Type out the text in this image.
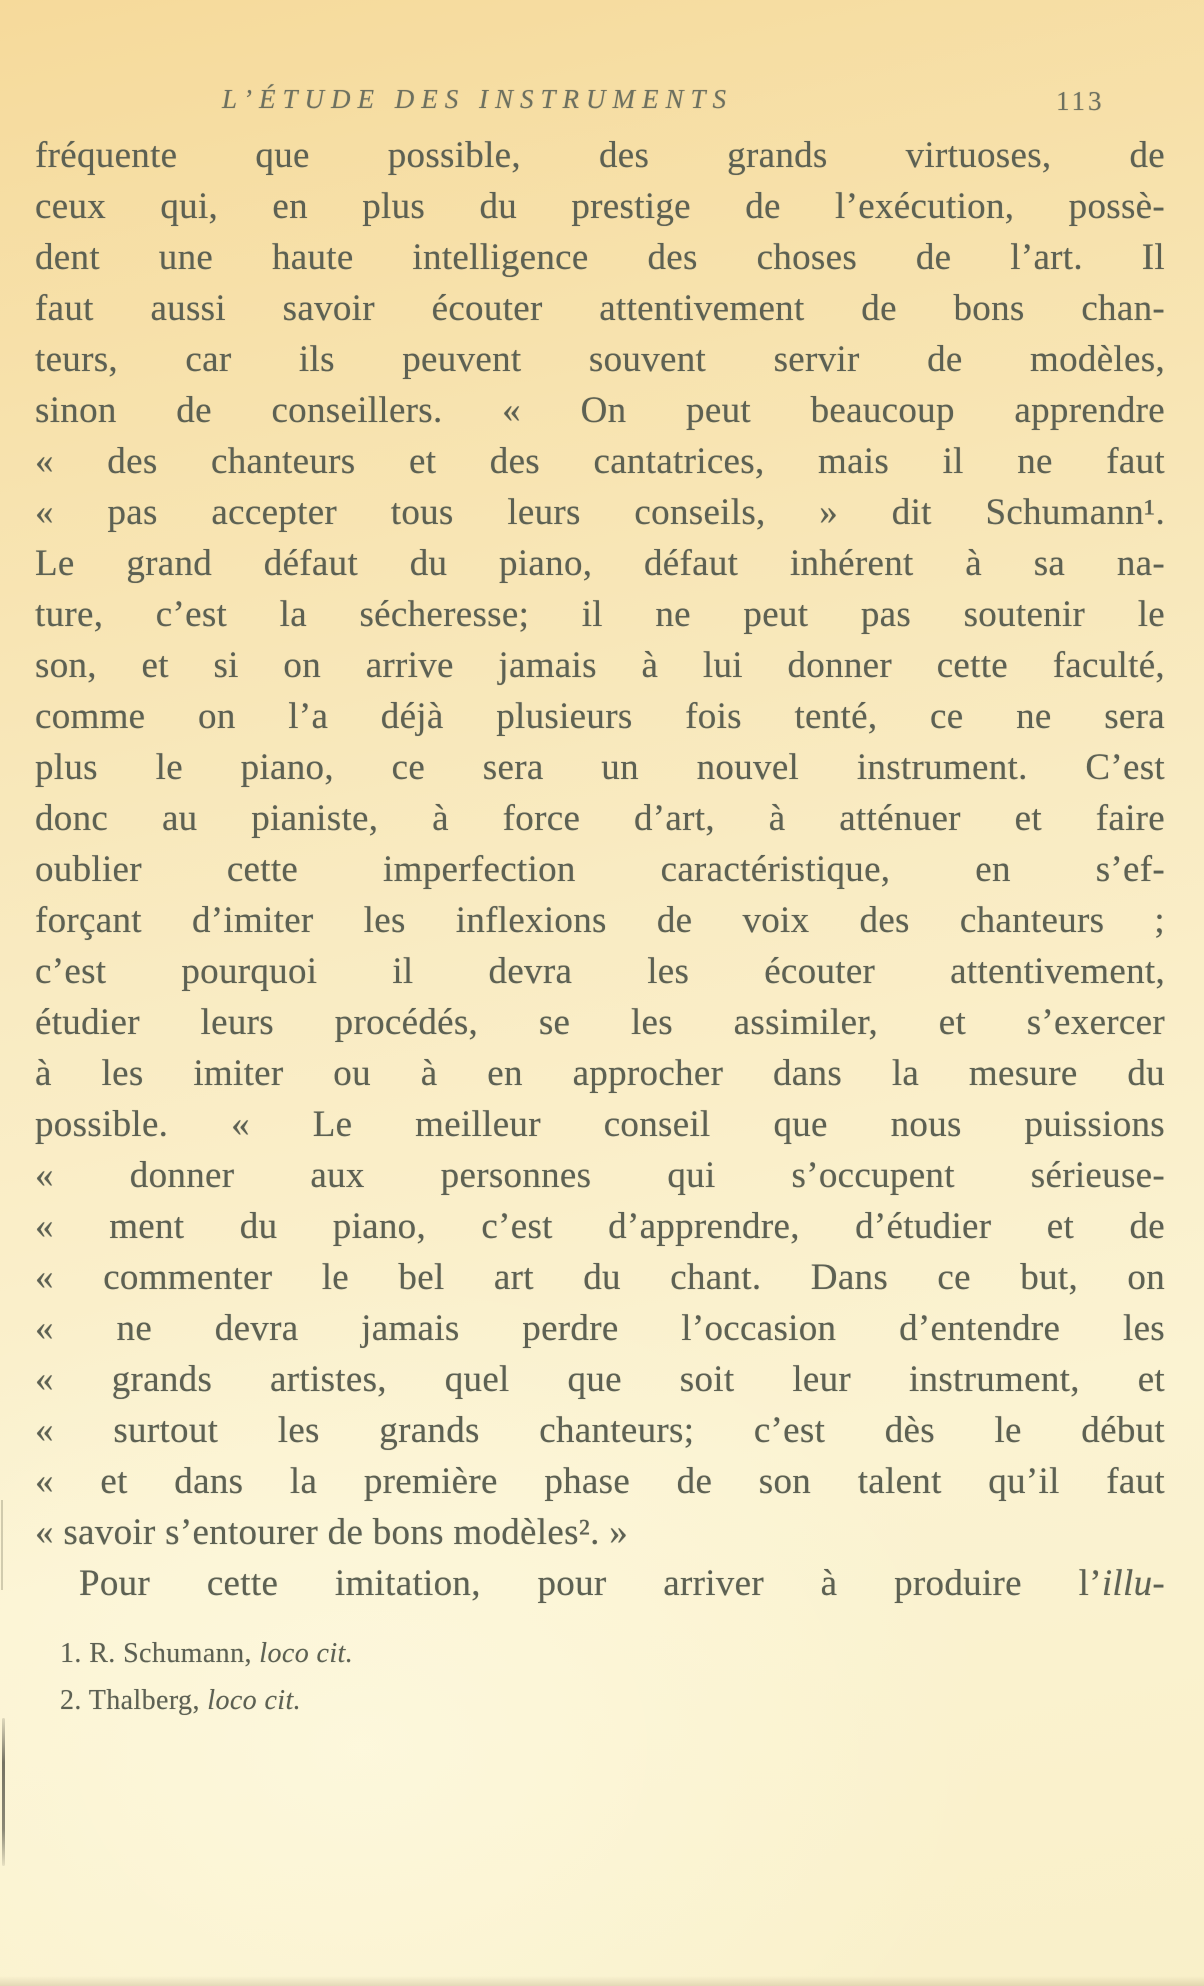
L’ÉTUDE DES INSTRUMENTS	113
fréquente que possible, des grands virtuoses, de
ceux qui, en plus du prestige de l’exécution, possè-
dent une haute intelligence des choses de l’art. Il
faut aussi savoir écouter attentivement de bons chan-
teurs, car ils peuvent souvent servir de modèles,
sinon de conseillers. « On peut beaucoup apprendre
« des chanteurs et des cantatrices, mais il ne faut
« pas accepter tous leurs conseils, » dit Schumann¹.
Le grand défaut du piano, défaut inhérent à sa na-
ture, c’est la sécheresse; il ne peut pas soutenir le
son, et si on arrive jamais à lui donner cette faculté,
comme on l’a déjà plusieurs fois tenté, ce ne sera
plus le piano, ce sera un nouvel instrument. C’est
donc au pianiste, à force d’art, à atténuer et faire
oublier cette imperfection caractéristique, en s’ef-
forçant d’imiter les inflexions de voix des chanteurs ;
c’est pourquoi il devra les écouter attentivement,
étudier leurs procédés, se les assimiler, et s’exercer
à les imiter ou à en approcher dans la mesure du
possible. « Le meilleur conseil que nous puissions
« donner aux personnes qui s’occupent sérieuse-
« ment du piano, c’est d’apprendre, d’étudier et de
« commenter le bel art du chant. Dans ce but, on
« ne devra jamais perdre l’occasion d’entendre les
« grands artistes, quel que soit leur instrument, et
« surtout les grands chanteurs; c’est dès le début
« et dans la première phase de son talent qu’il faut
« savoir s’entourer de bons modèles². »
Pour cette imitation, pour arriver à produire l’illu-
1. R. Schumann, loco cit.
2. Thalberg, loco cit.
